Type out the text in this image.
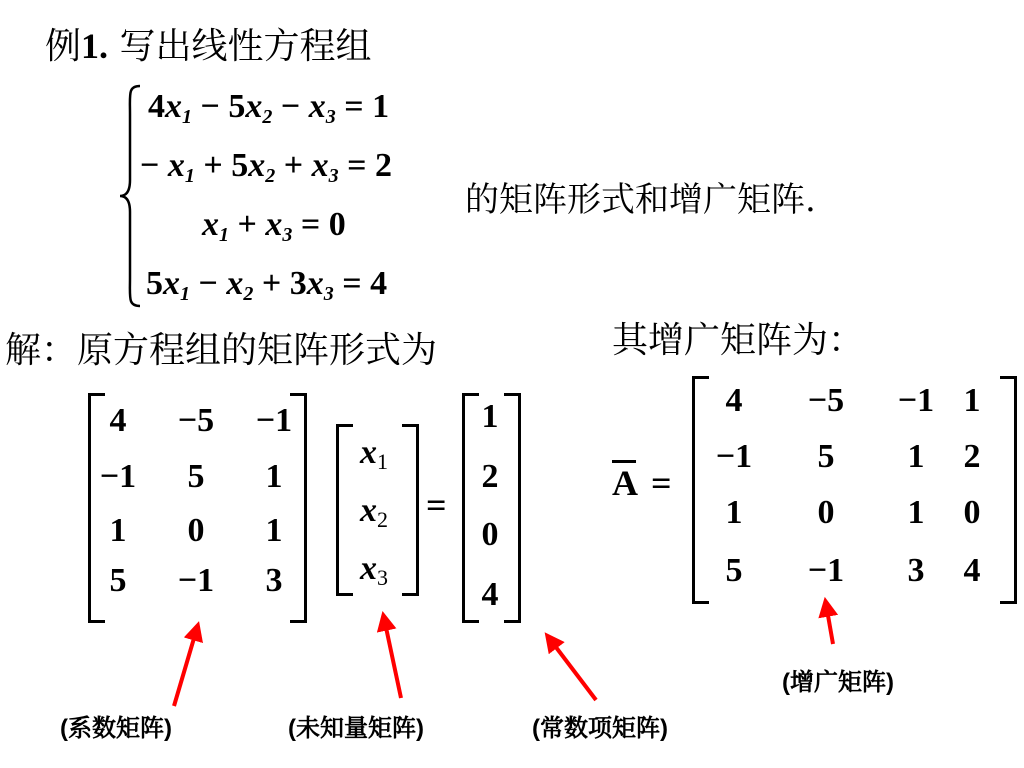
例1. 写出线性方程组
$4x_1 - 5x_2 - x_3 = 1$
− $x_1 + 5x_2 + x_3 = 2$
$x_1 + x_3 = 0$
$5x_1 - x_2 + 3x_3 = 4$
的矩阵形式和增广矩阵.
解：原方程组的矩阵形式为	其增广矩阵为：
4	−5	−1
−1	5	1
1	0	1
5	−1	3
$x_1$
$x_2$
$x_3$
=
1
2
0
4
$\overline{A}$ =
4	−5	−1 1
−1	5	1	2
1	0	1	0
5	−1	3	4
(系数矩阵)	(未知量矩阵)	(常数项矩阵)
(增广矩阵)
